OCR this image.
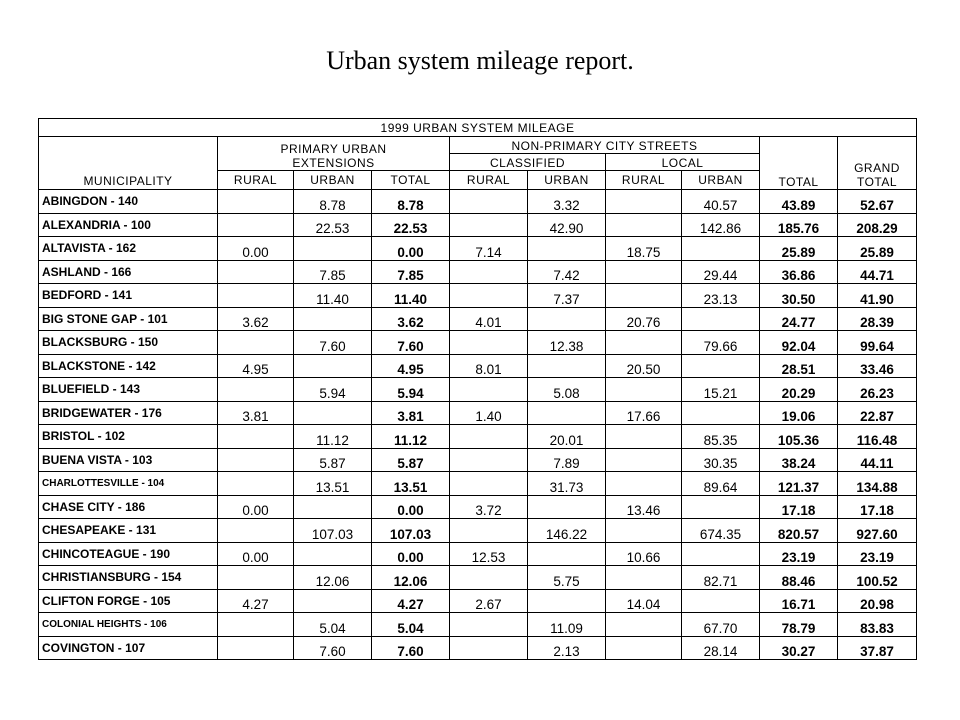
Urban system mileage report.

1999 URBAN SYSTEM MILEAGE									
MUNICIPALITY	PRIMARY URBAN EXTENSIONS			NON-PRIMARY CITY STREETS				TOTAL	GRAND TOTAL
				CLASSIFIED		LOCAL			
	RURAL	URBAN	TOTAL	RURAL	URBAN	RURAL	URBAN		
ABINGDON - 140		8.78	8.78		3.32		40.57	43.89	52.67
ALEXANDRIA - 100		22.53	22.53		42.90		142.86	185.76	208.29
ALTAVISTA - 162	0.00		0.00	7.14		18.75		25.89	25.89
ASHLAND - 166		7.85	7.85		7.42		29.44	36.86	44.71
BEDFORD - 141		11.40	11.40		7.37		23.13	30.50	41.90
BIG STONE GAP - 101	3.62		3.62	4.01		20.76		24.77	28.39
BLACKSBURG - 150		7.60	7.60		12.38		79.66	92.04	99.64
BLACKSTONE - 142	4.95		4.95	8.01		20.50		28.51	33.46
BLUEFIELD - 143		5.94	5.94		5.08		15.21	20.29	26.23
BRIDGEWATER - 176	3.81		3.81	1.40		17.66		19.06	22.87
BRISTOL - 102		11.12	11.12		20.01		85.35	105.36	116.48
BUENA VISTA - 103		5.87	5.87		7.89		30.35	38.24	44.11
CHARLOTTESVILLE - 104		13.51	13.51		31.73		89.64	121.37	134.88
CHASE CITY - 186	0.00		0.00	3.72		13.46		17.18	17.18
CHESAPEAKE - 131		107.03	107.03		146.22		674.35	820.57	927.60
CHINCOTEAGUE - 190	0.00		0.00	12.53		10.66		23.19	23.19
CHRISTIANSBURG - 154		12.06	12.06		5.75		82.71	88.46	100.52
CLIFTON FORGE - 105	4.27		4.27	2.67		14.04		16.71	20.98
COLONIAL HEIGHTS - 106		5.04	5.04		11.09		67.70	78.79	83.83
COVINGTON - 107		7.60	7.60		2.13		28.14	30.27	37.87
